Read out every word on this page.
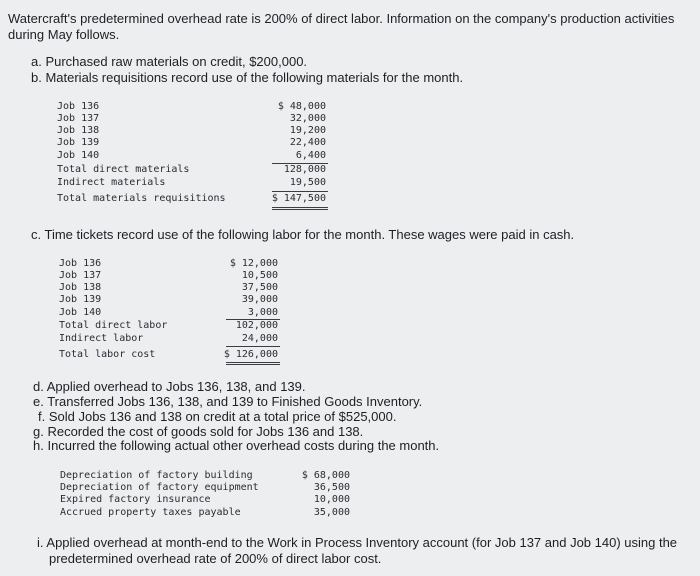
Watercraft's predetermined overhead rate is 200% of direct labor. Information on the company's production activities
during May follows.
a. Purchased raw materials on credit, $200,000.
b. Materials requisitions record use of the following materials for the month.
Job 136	$ 48,000
Job 137	32,000
Job 138	19,200
Job 139	22,400
Job 140	6,400
Total direct materials	128,000
Indirect materials	19,500
Total materials requisitions	$ 147,500
c. Time tickets record use of the following labor for the month. These wages were paid in cash.
Job 136	$ 12,000
Job 137	10,500
Job 138	37,500
Job 139	39,000
Job 140	3,000
Total direct labor	102,000
Indirect labor	24,000
Total labor cost	$ 126,000
d. Applied overhead to Jobs 136, 138, and 139.
e. Transferred Jobs 136, 138, and 139 to Finished Goods Inventory.
f. Sold Jobs 136 and 138 on credit at a total price of $525,000.
g. Recorded the cost of goods sold for Jobs 136 and 138.
h. Incurred the following actual other overhead costs during the month.
Depreciation of factory building	$ 68,000
Depreciation of factory equipment	36,500
Expired factory insurance	10,000
Accrued property taxes payable	35,000
i. Applied overhead at month-end to the Work in Process Inventory account (for Job 137 and Job 140) using the
predetermined overhead rate of 200% of direct labor cost.
